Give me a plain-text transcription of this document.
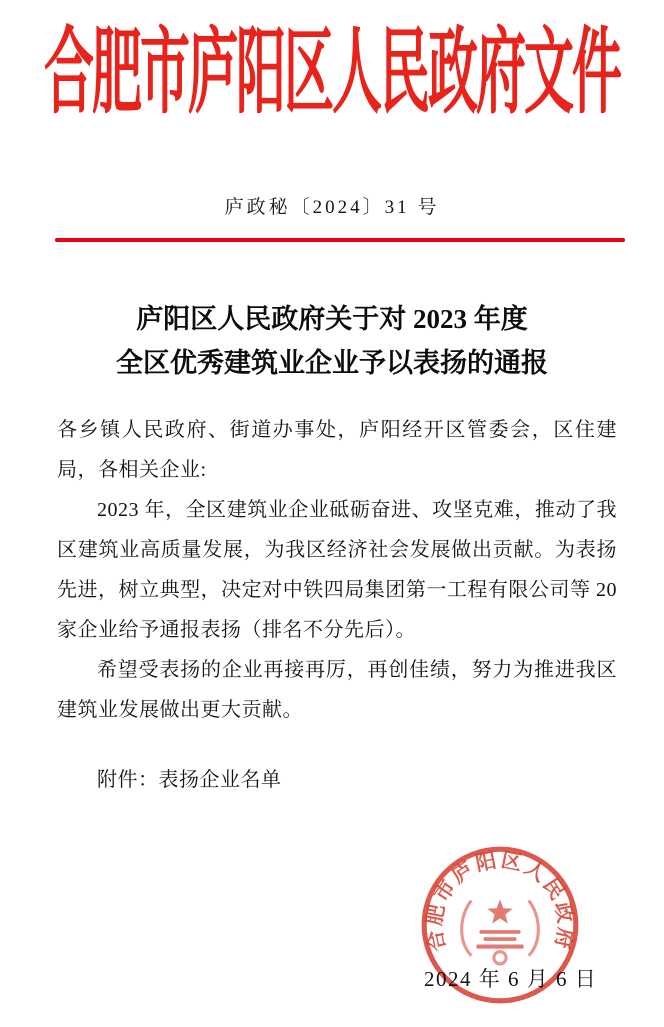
合肥市庐阳区人民政府文件
庐政秘〔2024〕31 号
庐阳区人民政府关于对 2023 年度
全区优秀建筑业企业予以表扬的通报

各乡镇人民政府、街道办事处，庐阳经开区管委会，区住建局，各相关企业:

2023 年，全区建筑业企业砥砺奋进、攻坚克难，推动了我区建筑业高质量发展，为我区经济社会发展做出贡献。为表扬先进，树立典型，决定对中铁四局集团第一工程有限公司等 20 家企业给予通报表扬（排名不分先后）。

希望受表扬的企业再接再厉，再创佳绩，努力为推进我区建筑业发展做出更大贡献。

附件：表扬企业名单

2024 年 6 月 6 日
合肥市庐阳区人民政府
